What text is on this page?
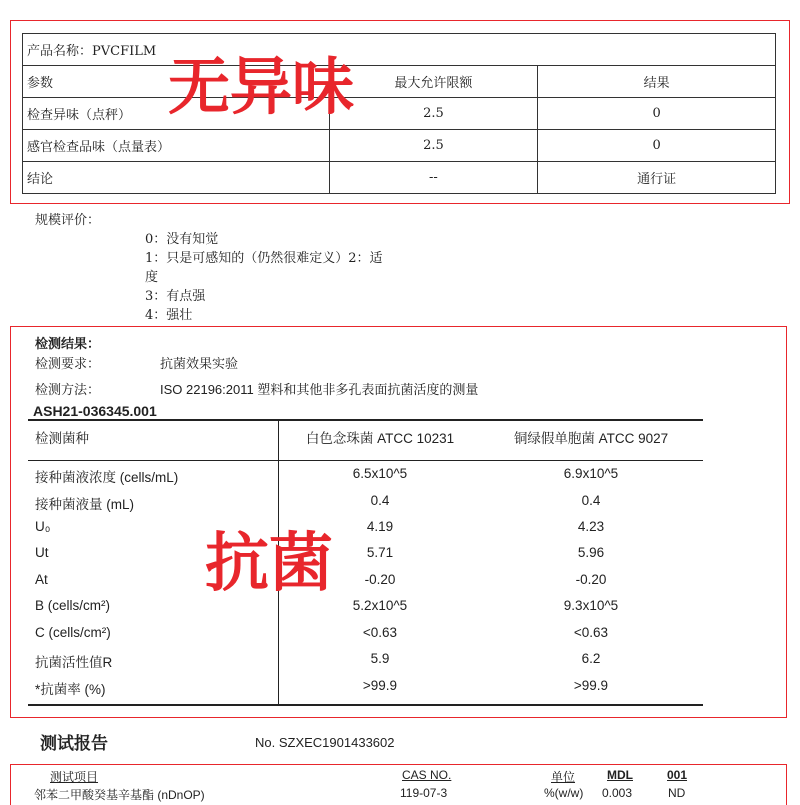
产品名称：PVCFILM		
参数	最大允许限额	结果
检查异味（点秤）	2.5	0
感官检查品味（点量表）	2.5	0
结论	--	通行证
无异味
规模评价：
0：没有知觉
1：只是可感知的（仍然很难定义）2：适
度
3：有点强
4：强壮
检测结果：
检测要求：	抗菌效果实验
检测方法：	ISO 22196:2011 塑料和其他非多孔表面抗菌活度的测量
ASH21-036345.001
检测菌种	白色念珠菌 ATCC 10231	铜绿假单胞菌 ATCC 9027
接种菌液浓度 (cells/mL)	6.5x10^5	6.9x10^5
接种菌液量 (mL)	0.4	0.4
U₀	4.19	4.23
Ut	5.71	5.96
At	-0.20	-0.20
B (cells/cm²)	5.2x10^5	9.3x10^5
C (cells/cm²)	<0.63	<0.63
抗菌活性值R	5.9	6.2
*抗菌率 (%)	>99.9	>99.9
抗菌
测试报告	No. SZXEC1901433602
测试项目	CAS NO.	单位	MDL	001
邻苯二甲酸癸基辛基酯 (nDnOP)	119-07-3	%(w/w) 0.003	ND
